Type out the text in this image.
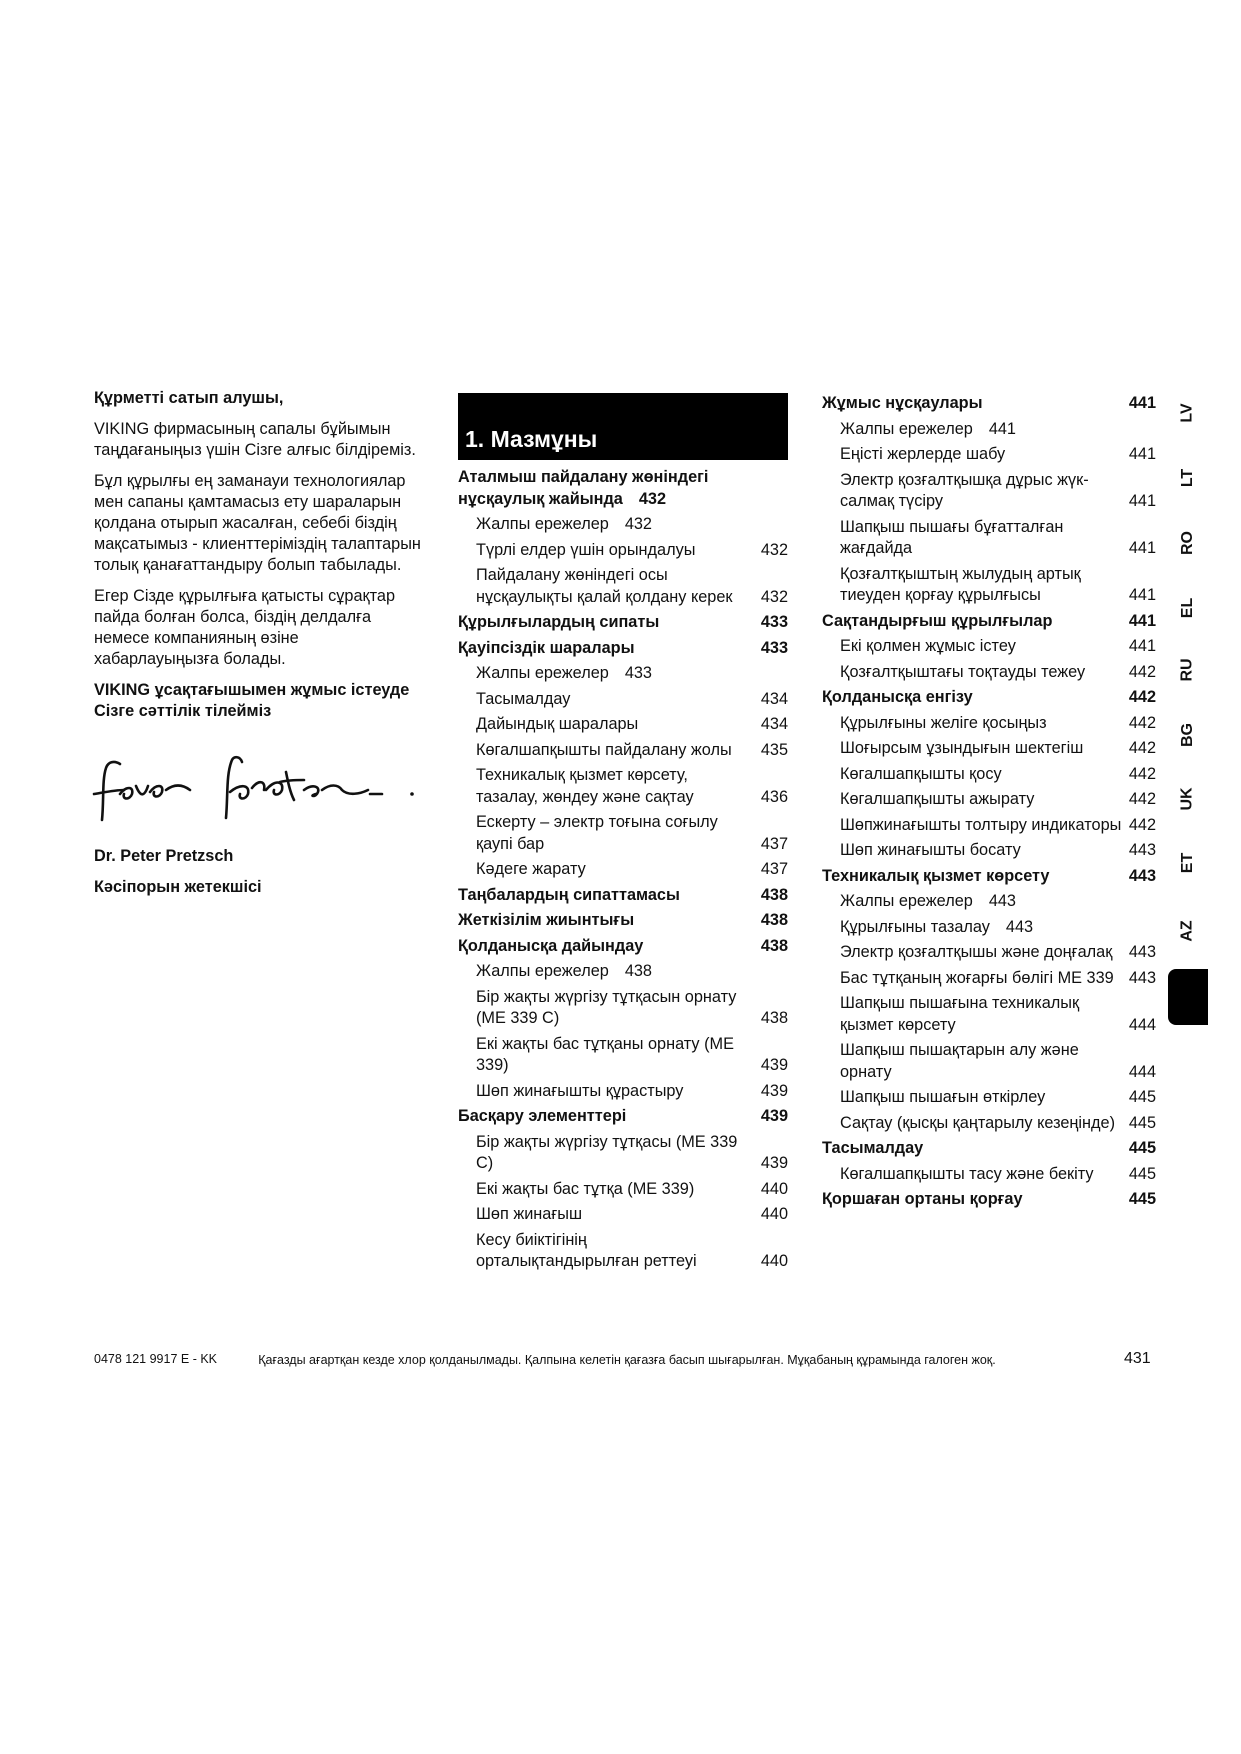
Құрметті сатып алушы,

VIKING фирмасының сапалы бұйымын таңдағаныңыз үшін Сізге алғыс білдіреміз.

Бұл құрылғы ең заманауи технологиялар мен сапаны қамтамасыз ету шараларын қолдана отырып жасалған, себебі біздің мақсатымыз - клиенттеріміздің талаптарын толық қанағаттандыру болып табылады.

Егер Сізде құрылғыға қатысты сұрақтар пайда болған болса, біздің делдалға немесе компанияның өзіне хабарлауыңызға болады.

VIKING ұсақтағышымен жұмыс істеуде Сізге сәттілік тілейміз

Dr. Peter Pretzsch

Кәсіпорын жетекшісі

1. Мазмұны
Аталмыш пайдалану жөніндегі нұсқаулық жайында 432
Жалпы ережелер 432
Түрлі елдер үшін орындалуы	432
Пайдалану жөніндегі осы нұсқаулықты қалай қолдану керек	432
Құрылғылардың сипаты	433
Қауіпсіздік шаралары	433
Жалпы ережелер 433
Тасымалдау	434
Дайындық шаралары	434
Көгалшапқышты пайдалану жолы	435
Техникалық қызмет көрсету, тазалау, жөндеу және сақтау	436
Ескерту – электр тоғына соғылу қаупі бар	437
Кәдеге жарату	437
Таңбалардың сипаттамасы	438
Жеткізілім жиынтығы	438
Қолданысқа дайындау	438
Жалпы ережелер 438
Бір жақты жүргізу тұтқасын орнату (МЕ 339 С)	438
Екі жақты бас тұтқаны орнату (МЕ 339)	439
Шөп жинағышты құрастыру	439
Басқару элементтері	439
Бір жақты жүргізу тұтқасы (МЕ 339 С)	439
Екі жақты бас тұтқа (МЕ 339)	440
Шөп жинағыш	440
Кесу биіктігінің орталықтандырылған реттеуі	440
Жұмыс нұсқаулары	441
Жалпы ережелер 441
Еңісті жерлерде шабу	441
Электр қозғалтқышқа дұрыс жүк-салмақ түсіру	441
Шапқыш пышағы бұғатталған жағдайда	441
Қозғалтқыштың жылудың артық тиеуден қорғау құрылғысы	441
Сақтандырғыш құрылғылар	441
Екі қолмен жұмыс істеу	441
Қозғалтқыштағы тоқтауды тежеу	442
Қолданысқа енгізу	442
Құрылғыны желіге қосыңыз	442
Шоғырсым ұзындығын шектегіш	442
Көгалшапқышты қосу	442
Көгалшапқышты ажырату	442
Шөпжинағышты толтыру индикаторы 442
Шөп жинағышты босату	443
Техникалық қызмет көрсету	443
Жалпы ережелер 443
Құрылғыны тазалау 443
Электр қозғалтқышы және доңғалақ	443
Бас тұтқаның жоғарғы бөлігі МЕ 339 443
Шапқыш пышағына техникалық қызмет көрсету	444
Шапқыш пышақтарын алу және орнату	444
Шапқыш пышағын өткірлеу	445
Сақтау (қысқы қаңтарылу кезеңінде) 445
Тасымалдау	445
Көгалшапқышты тасу және бекіту	445
Қоршаған ортаны қорғау	445
LV
LT
RO
EL
RU
BG
UK
ET
AZ
0478 121 9917 E - KK	Қағазды ағартқан кезде хлор қолданылмады. Қалпына келетін қағазға басып шығарылған. Мұқабаның құрамында галоген жоқ.	431
